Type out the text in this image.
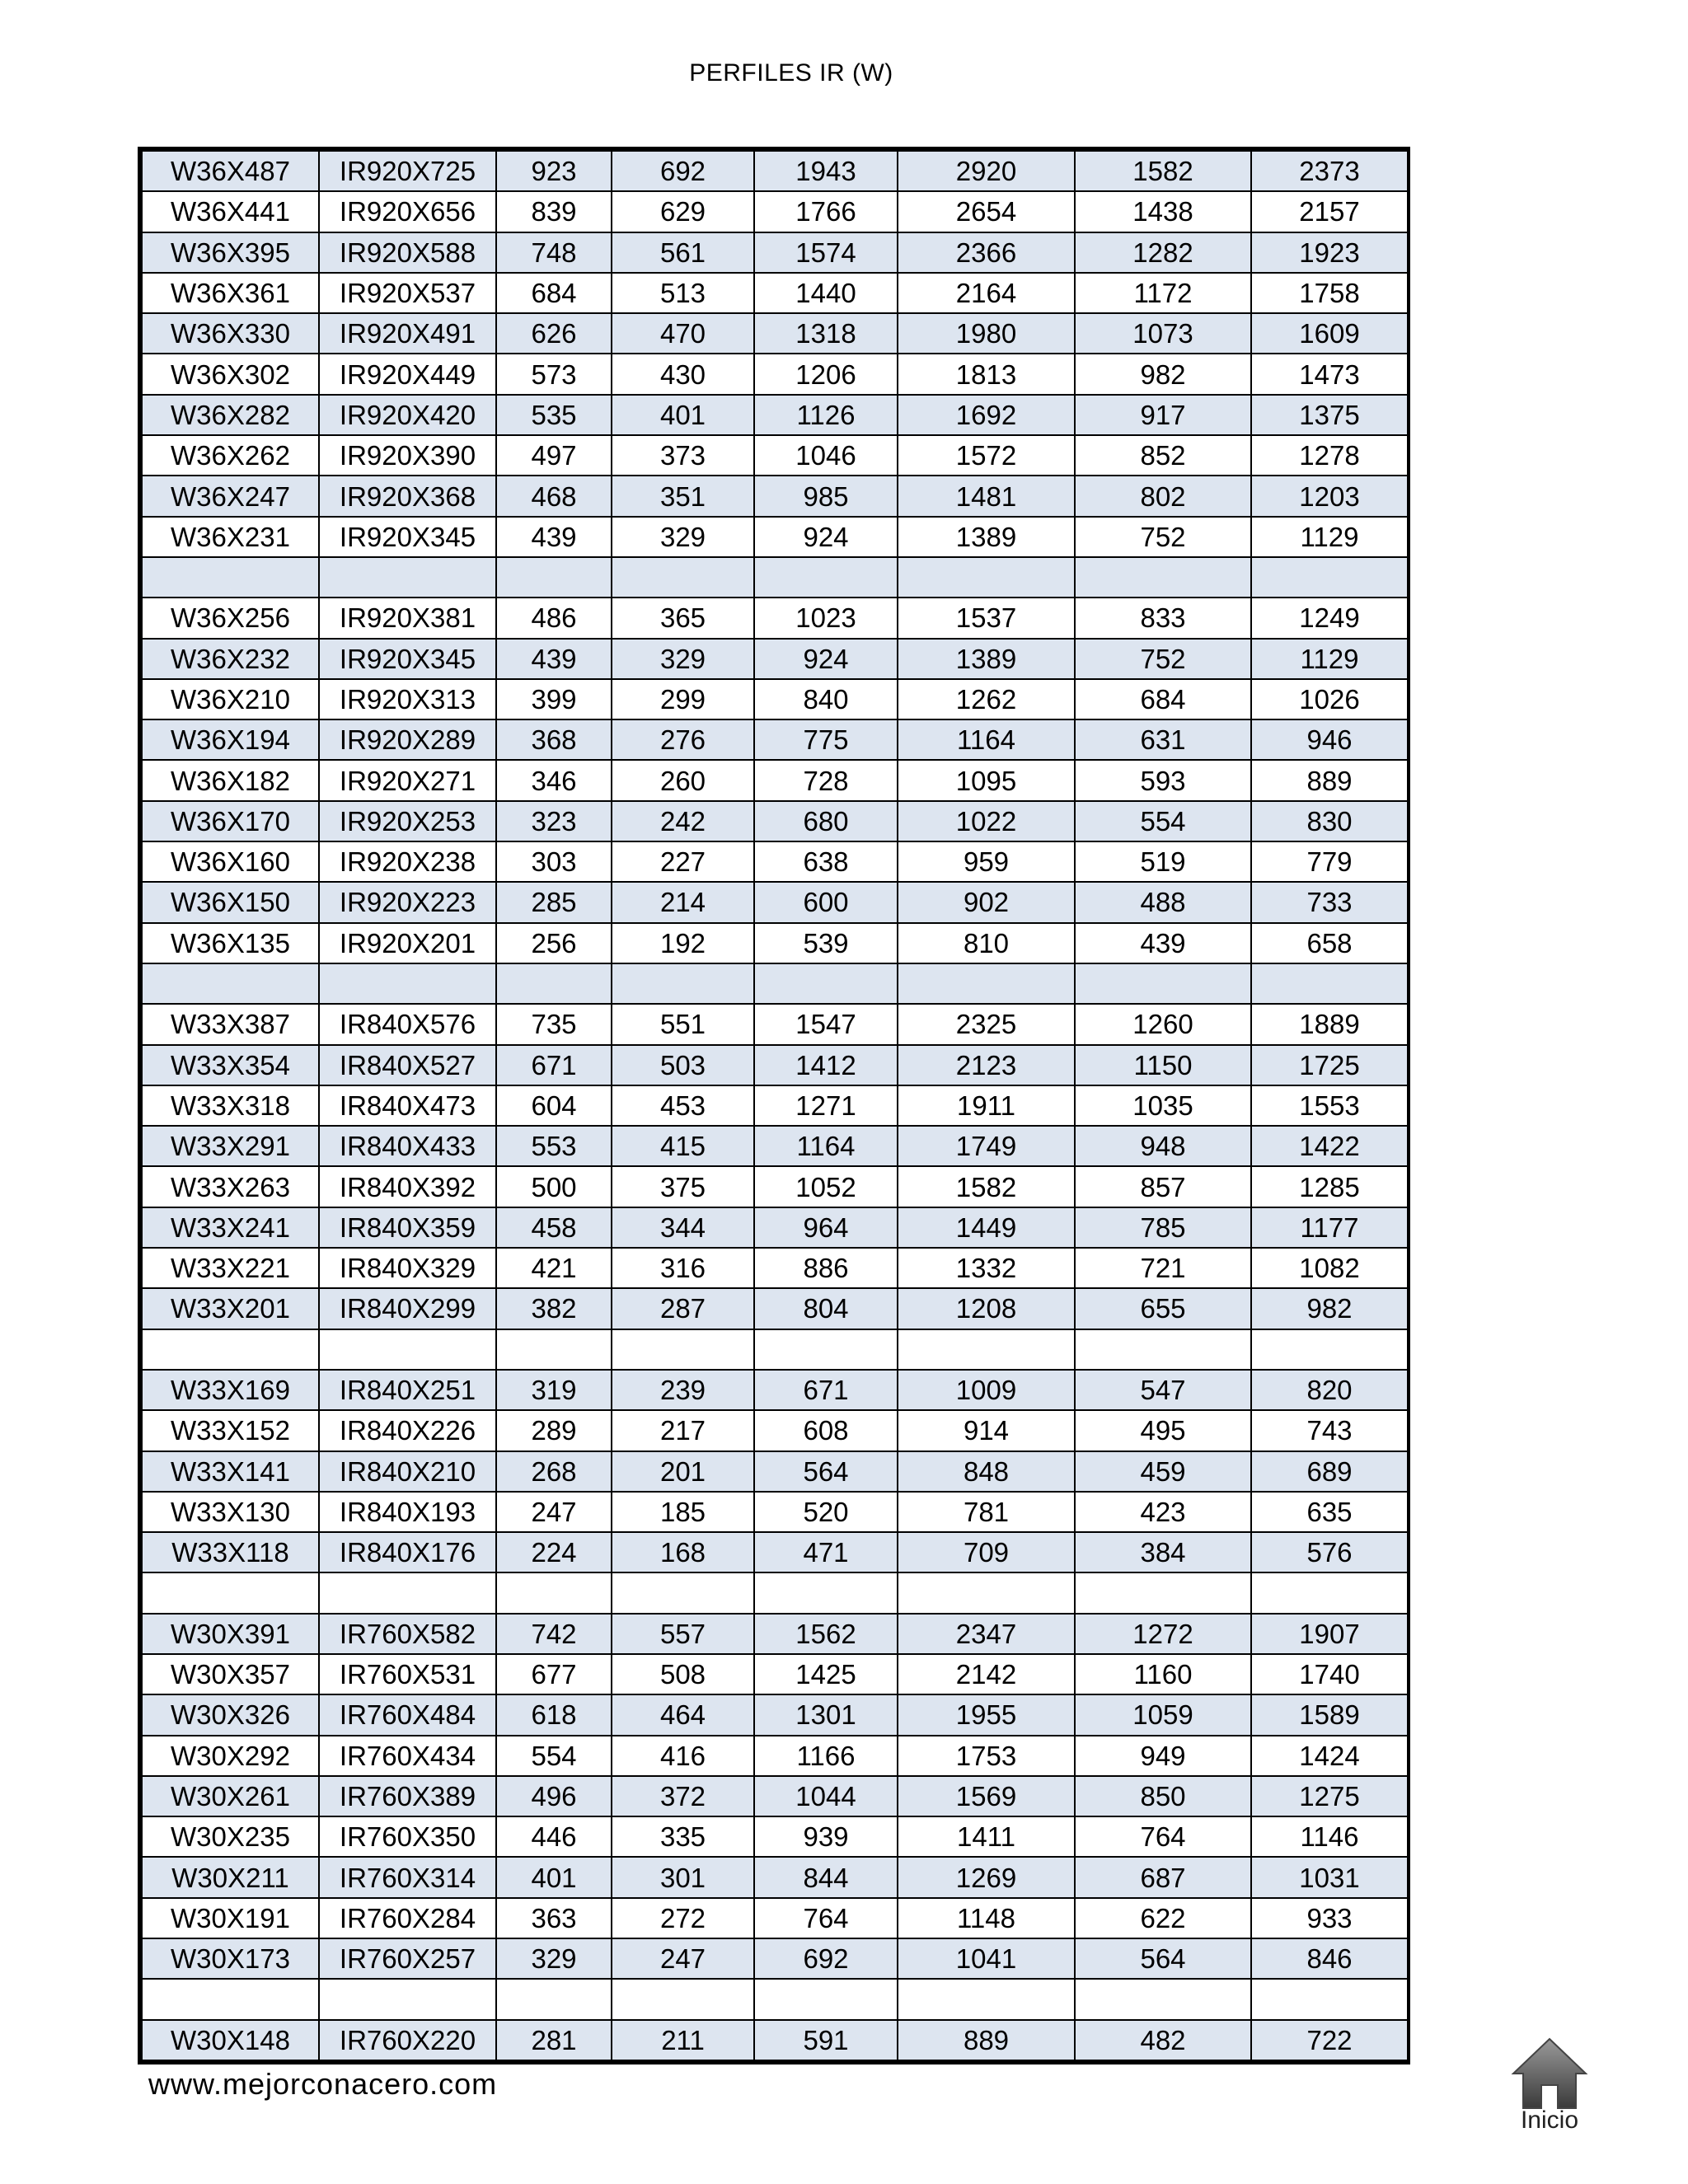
PERFILES IR (W)
W36X487	IR920X725	923	692	1943	2920	1582	2373
W36X441	IR920X656	839	629	1766	2654	1438	2157
W36X395	IR920X588	748	561	1574	2366	1282	1923
W36X361	IR920X537	684	513	1440	2164	1172	1758
W36X330	IR920X491	626	470	1318	1980	1073	1609
W36X302	IR920X449	573	430	1206	1813	982	1473
W36X282	IR920X420	535	401	1126	1692	917	1375
W36X262	IR920X390	497	373	1046	1572	852	1278
W36X247	IR920X368	468	351	985	1481	802	1203
W36X231	IR920X345	439	329	924	1389	752	1129

W36X256	IR920X381	486	365	1023	1537	833	1249
W36X232	IR920X345	439	329	924	1389	752	1129
W36X210	IR920X313	399	299	840	1262	684	1026
W36X194	IR920X289	368	276	775	1164	631	946
W36X182	IR920X271	346	260	728	1095	593	889
W36X170	IR920X253	323	242	680	1022	554	830
W36X160	IR920X238	303	227	638	959	519	779
W36X150	IR920X223	285	214	600	902	488	733
W36X135	IR920X201	256	192	539	810	439	658

W33X387	IR840X576	735	551	1547	2325	1260	1889
W33X354	IR840X527	671	503	1412	2123	1150	1725
W33X318	IR840X473	604	453	1271	1911	1035	1553
W33X291	IR840X433	553	415	1164	1749	948	1422
W33X263	IR840X392	500	375	1052	1582	857	1285
W33X241	IR840X359	458	344	964	1449	785	1177
W33X221	IR840X329	421	316	886	1332	721	1082
W33X201	IR840X299	382	287	804	1208	655	982

W33X169	IR840X251	319	239	671	1009	547	820
W33X152	IR840X226	289	217	608	914	495	743
W33X141	IR840X210	268	201	564	848	459	689
W33X130	IR840X193	247	185	520	781	423	635
W33X118	IR840X176	224	168	471	709	384	576

W30X391	IR760X582	742	557	1562	2347	1272	1907
W30X357	IR760X531	677	508	1425	2142	1160	1740
W30X326	IR760X484	618	464	1301	1955	1059	1589
W30X292	IR760X434	554	416	1166	1753	949	1424
W30X261	IR760X389	496	372	1044	1569	850	1275
W30X235	IR760X350	446	335	939	1411	764	1146
W30X211	IR760X314	401	301	844	1269	687	1031
W30X191	IR760X284	363	272	764	1148	622	933
W30X173	IR760X257	329	247	692	1041	564	846

W30X148	IR760X220	281	211	591	889	482	722
www.mejorconacero.com
Inicio
